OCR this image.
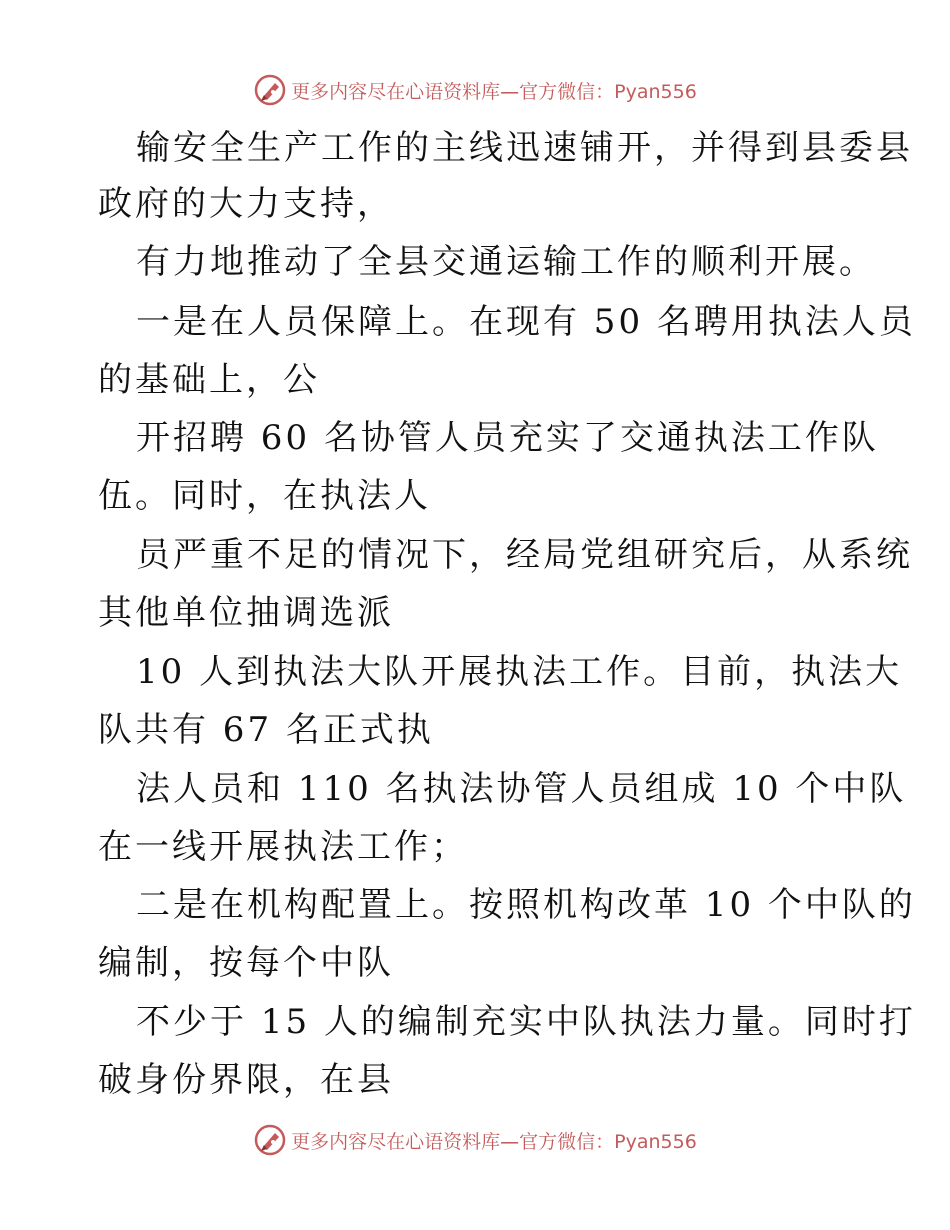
更多内容尽在心语资料库—官方微信：Pyan556
输安全生产工作的主线迅速铺开，并得到县委县
政府的大力支持，
有力地推动了全县交通运输工作的顺利开展。
一是在人员保障上。在现有 50 名聘用执法人员
的基础上，公
开招聘 60 名协管人员充实了交通执法工作队
伍。同时，在执法人
员严重不足的情况下，经局党组研究后，从系统
其他单位抽调选派
10 人到执法大队开展执法工作。目前，执法大
队共有 67 名正式执
法人员和 110 名执法协管人员组成 10 个中队
在一线开展执法工作；
二是在机构配置上。按照机构改革 10 个中队的
编制，按每个中队
不少于 15 人的编制充实中队执法力量。同时打
破身份界限，在县
更多内容尽在心语资料库—官方微信：Pyan556
